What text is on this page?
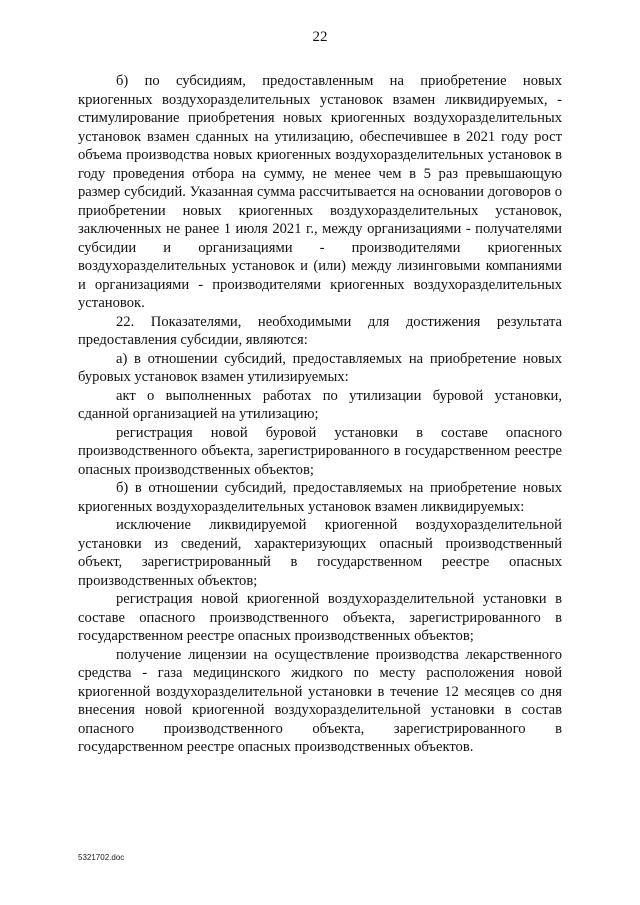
22

б) по субсидиям, предоставленным на приобретение новых криогенных воздухоразделительных установок взамен ликвидируемых, - стимулирование приобретения новых криогенных воздухоразделительных установок взамен сданных на утилизацию, обеспечившее в 2021 году рост объема производства новых криогенных воздухоразделительных установок в году проведения отбора на сумму, не менее чем в 5 раз превышающую размер субсидий. Указанная сумма рассчитывается на основании договоров о приобретении новых криогенных воздухоразделительных установок, заключенных не ранее 1 июля 2021 г., между организациями - получателями субсидии и организациями - производителями криогенных воздухоразделительных установок и (или) между лизинговыми компаниями и организациями - производителями криогенных воздухоразделительных установок.

22. Показателями, необходимыми для достижения результата предоставления субсидии, являются:

а) в отношении субсидий, предоставляемых на приобретение новых буровых установок взамен утилизируемых:

акт о выполненных работах по утилизации буровой установки, сданной организацией на утилизацию;

регистрация новой буровой установки в составе опасного производственного объекта, зарегистрированного в государственном реестре опасных производственных объектов;

б) в отношении субсидий, предоставляемых на приобретение новых криогенных воздухоразделительных установок взамен ликвидируемых:

исключение ликвидируемой криогенной воздухоразделительной установки из сведений, характеризующих опасный производственный объект, зарегистрированный в государственном реестре опасных производственных объектов;

регистрация новой криогенной воздухоразделительной установки в составе опасного производственного объекта, зарегистрированного в государственном реестре опасных производственных объектов;

получение лицензии на осуществление производства лекарственного средства - газа медицинского жидкого по месту расположения новой криогенной воздухоразделительной установки в течение 12 месяцев со дня внесения новой криогенной воздухоразделительной установки в состав опасного производственного объекта, зарегистрированного в государственном реестре опасных производственных объектов.

5321702.doc
